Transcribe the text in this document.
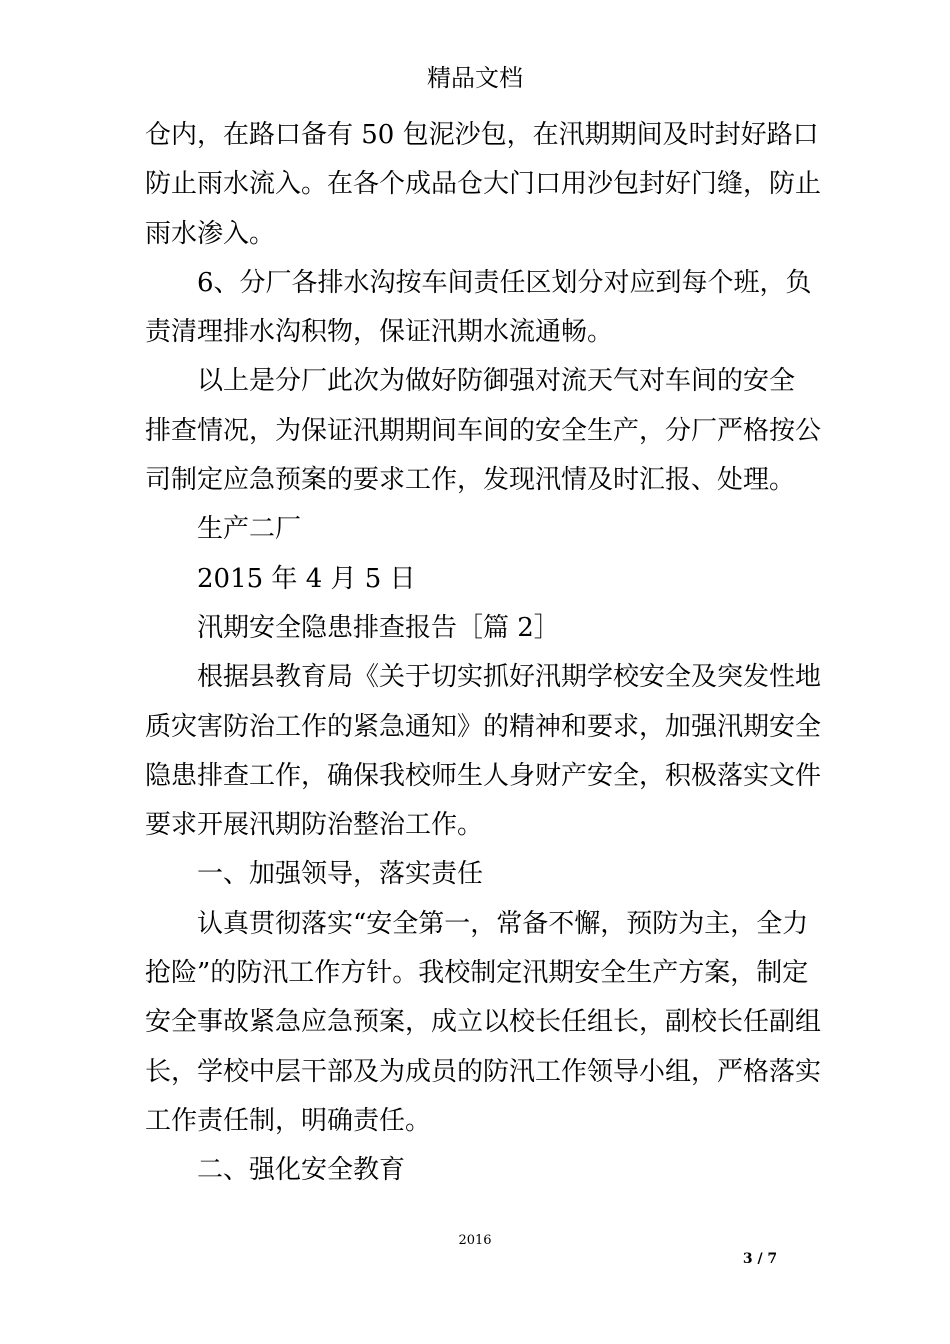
精品文档

仓内，在路口备有 50 包泥沙包，在汛期期间及时封好路口

防止雨水流入。在各个成品仓大门口用沙包封好门缝，防止

雨水渗入。

6、分厂各排水沟按车间责任区划分对应到每个班，负

责清理排水沟积物，保证汛期水流通畅。

以上是分厂此次为做好防御强对流天气对车间的安全

排查情况，为保证汛期期间车间的安全生产，分厂严格按公

司制定应急预案的要求工作，发现汛情及时汇报、处理。

生产二厂

2015 年 4 月 5 日

汛期安全隐患排查报告［篇 2］

根据县教育局《关于切实抓好汛期学校安全及突发性地

质灾害防治工作的紧急通知》的精神和要求，加强汛期安全

隐患排查工作，确保我校师生人身财产安全，积极落实文件

要求开展汛期防治整治工作。

一、加强领导，落实责任

认真贯彻落实“安全第一，常备不懈，预防为主，全力

抢险”的防汛工作方针。我校制定汛期安全生产方案，制定

安全事故紧急应急预案，成立以校长任组长，副校长任副组

长，学校中层干部及为成员的防汛工作领导小组，严格落实

工作责任制，明确责任。

二、强化安全教育

2016
3 / 7
